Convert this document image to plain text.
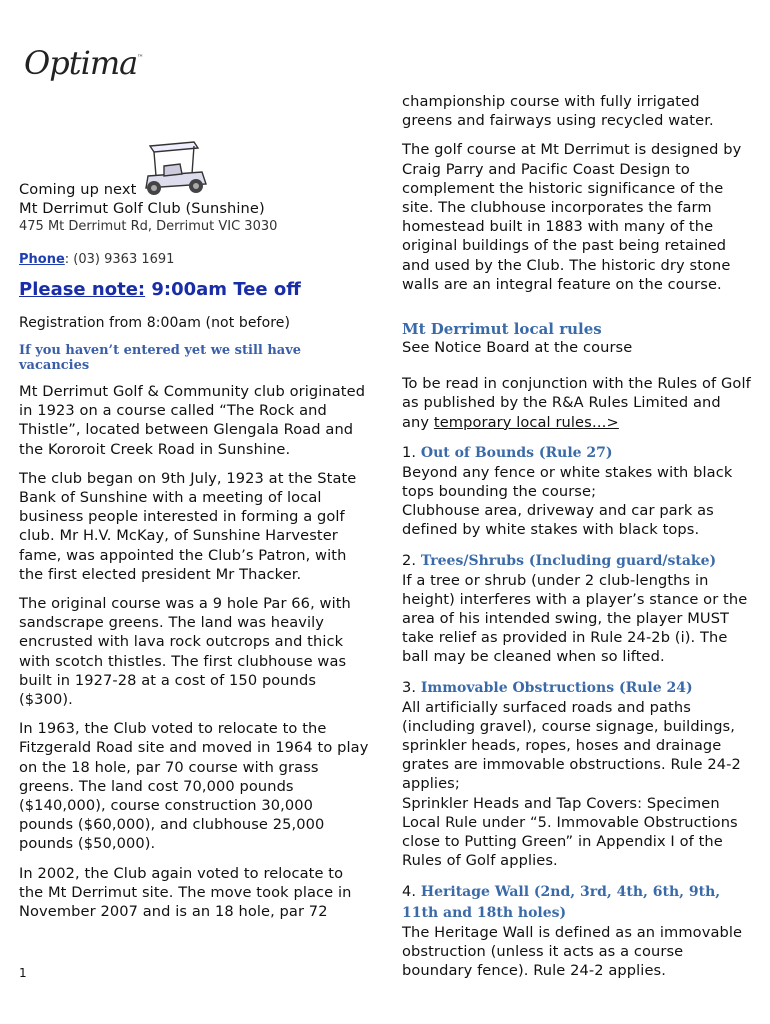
Optima™

Coming up next

Mt Derrimut Golf Club (Sunshine)

475 Mt Derrimut Rd, Derrimut VIC 3030

Phone: (03) 9363 1691

Please note: 9:00am Tee off

Registration from 8:00am (not before)

If you haven’t entered yet we still have vacancies

Mt Derrimut Golf & Community club originated in 1923 on a course called “The Rock and Thistle”, located between Glengala Road and the Kororoit Creek Road in Sunshine.

The club began on 9th July, 1923 at the State Bank of Sunshine with a meeting of local business people interested in forming a golf club. Mr H.V. McKay, of Sunshine Harvester fame, was appointed the Club’s Patron, with the first elected president Mr Thacker.

The original course was a 9 hole Par 66, with sandscrape greens. The land was heavily encrusted with lava rock outcrops and thick with scotch thistles. The first clubhouse was built in 1927-28 at a cost of 150 pounds ($300).

In 1963, the Club voted to relocate to the Fitzgerald Road site and moved in 1964 to play on the 18 hole, par 70 course with grass greens. The land cost 70,000 pounds ($140,000), course construction 30,000 pounds ($60,000), and clubhouse 25,000 pounds ($50,000).

In 2002, the Club again voted to relocate to the Mt Derrimut site. The move took place in November 2007 and is an 18 hole, par 72

championship course with fully irrigated greens and fairways using recycled water.

The golf course at Mt Derrimut is designed by Craig Parry and Pacific Coast Design to complement the historic significance of the site. The clubhouse incorporates the farm homestead built in 1883 with many of the original buildings of the past being retained and used by the Club. The historic dry stone walls are an integral feature on the course.

Mt Derrimut local rules

See Notice Board at the course

To be read in conjunction with the Rules of Golf as published by the R&A Rules Limited and any temporary local rules…>

1. Out of Bounds (Rule 27)

Beyond any fence or white stakes with black tops bounding the course;
Clubhouse area, driveway and car park as defined by white stakes with black tops.

2. Trees/Shrubs (Including guard/stake)

If a tree or shrub (under 2 club-lengths in height) interferes with a player’s stance or the area of his intended swing, the player MUST take relief as provided in Rule 24-2b (i). The ball may be cleaned when so lifted.

3. Immovable Obstructions (Rule 24)

All artificially surfaced roads and paths (including gravel), course signage, buildings, sprinkler heads, ropes, hoses and drainage grates are immovable obstructions. Rule 24-2 applies;
Sprinkler Heads and Tap Covers: Specimen Local Rule under “5. Immovable Obstructions close to Putting Green” in Appendix I of the Rules of Golf applies.

4. Heritage Wall (2nd, 3rd, 4th, 6th, 9th, 11th and 18th holes)

The Heritage Wall is defined as an immovable obstruction (unless it acts as a course boundary fence). Rule 24-2 applies.

1
